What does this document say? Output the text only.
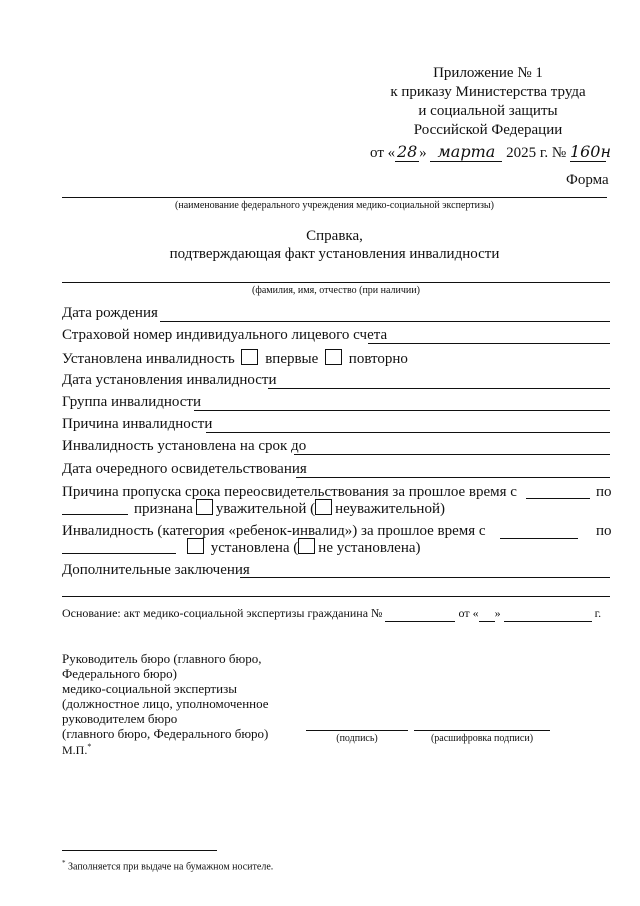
Приложение № 1
к приказу Министерства труда
и социальной защиты
Российской Федерации
от « 28 » марта 2025 г. № 160н
Форма
(наименование федерального учреждения медико-социальной экспертизы)
Справка,
подтверждающая факт установления инвалидности
(фамилия, имя, отчество (при наличии)
Дата рождения
Страховой номер индивидуального лицевого счета
Установлена инвалидность впервые повторно
Дата установления инвалидности
Группа инвалидности
Причина инвалидности
Инвалидность установлена на срок до
Дата очередного освидетельствования
Причина пропуска срока переосвидетельствования за прошлое время с	по
признана уважительной ( неуважительной)
Инвалидность (категория «ребенок-инвалид») за прошлое время с	по
установлена ( не установлена)
Дополнительные заключения
Основание: акт медико-социальной экспертизы гражданина №	от « »	г.
Руководитель бюро (главного бюро,
Федерального бюро)
медико-социальной экспертизы
(должностное лицо, уполномоченное
руководителем бюро
(главного бюро, Федерального бюро)	(подпись)	(расшифровка подписи)
М.П.*
* Заполняется при выдаче на бумажном носителе.
